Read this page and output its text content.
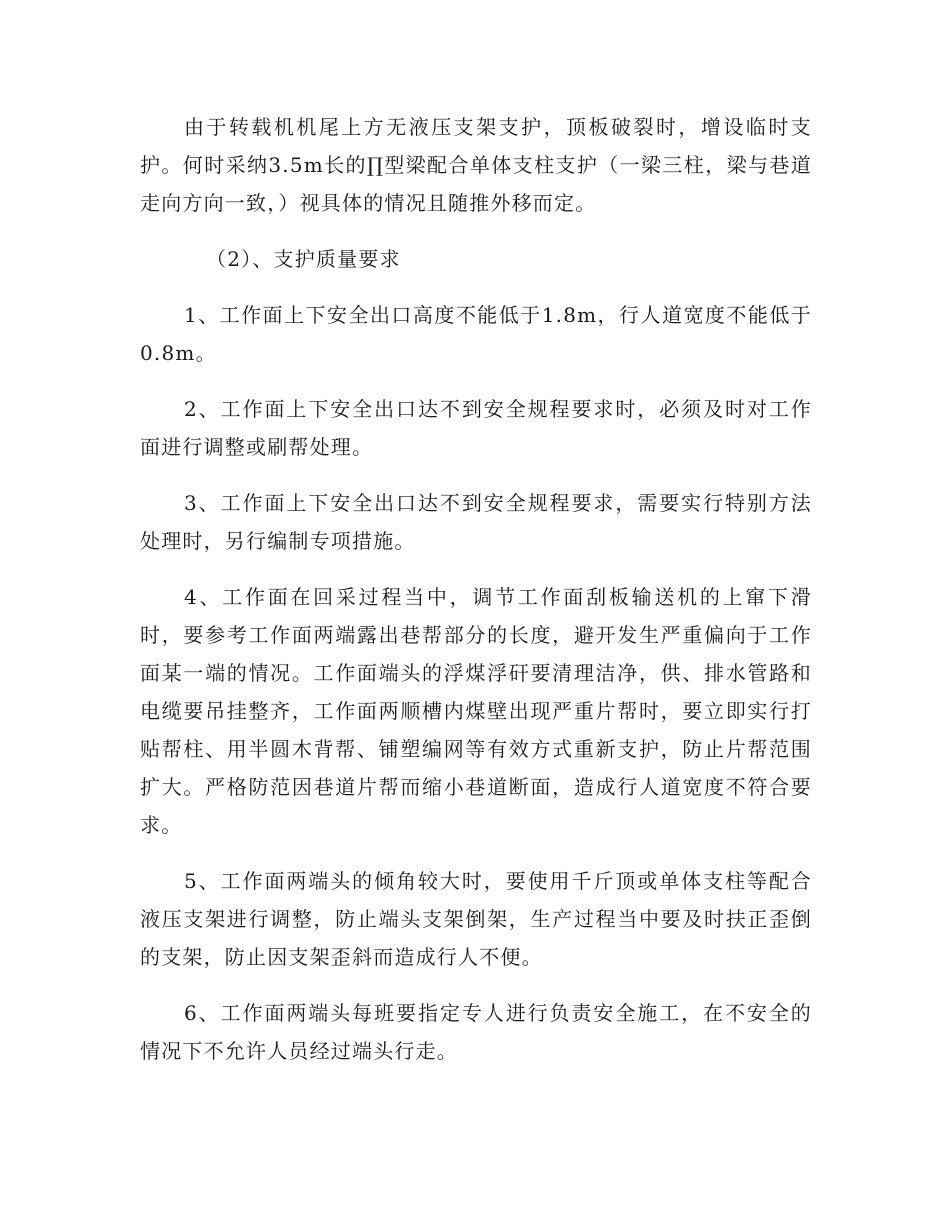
由于转载机机尾上方无液压支架支护，顶板破裂时，增设临时支护。何时采纳3.5m长的∏型梁配合单体支柱支护（一梁三柱，梁与巷道走向方向一致，）视具体的情况且随推外移而定。

（2）、支护质量要求

1、工作面上下安全出口高度不能低于1.8m，行人道宽度不能低于0.8m。

2、工作面上下安全出口达不到安全规程要求时，必须及时对工作面进行调整或刷帮处理。

3、工作面上下安全出口达不到安全规程要求，需要实行特别方法处理时，另行编制专项措施。

4、工作面在回采过程当中，调节工作面刮板输送机的上窜下滑时，要参考工作面两端露出巷帮部分的长度，避开发生严重偏向于工作面某一端的情况。工作面端头的浮煤浮矸要清理洁净，供、排水管路和电缆要吊挂整齐，工作面两顺槽内煤壁出现严重片帮时，要立即实行打贴帮柱、用半圆木背帮、铺塑编网等有效方式重新支护，防止片帮范围扩大。严格防范因巷道片帮而缩小巷道断面，造成行人道宽度不符合要求。

5、工作面两端头的倾角较大时，要使用千斤顶或单体支柱等配合液压支架进行调整，防止端头支架倒架，生产过程当中要及时扶正歪倒的支架，防止因支架歪斜而造成行人不便。

6、工作面两端头每班要指定专人进行负责安全施工，在不安全的情况下不允许人员经过端头行走。
